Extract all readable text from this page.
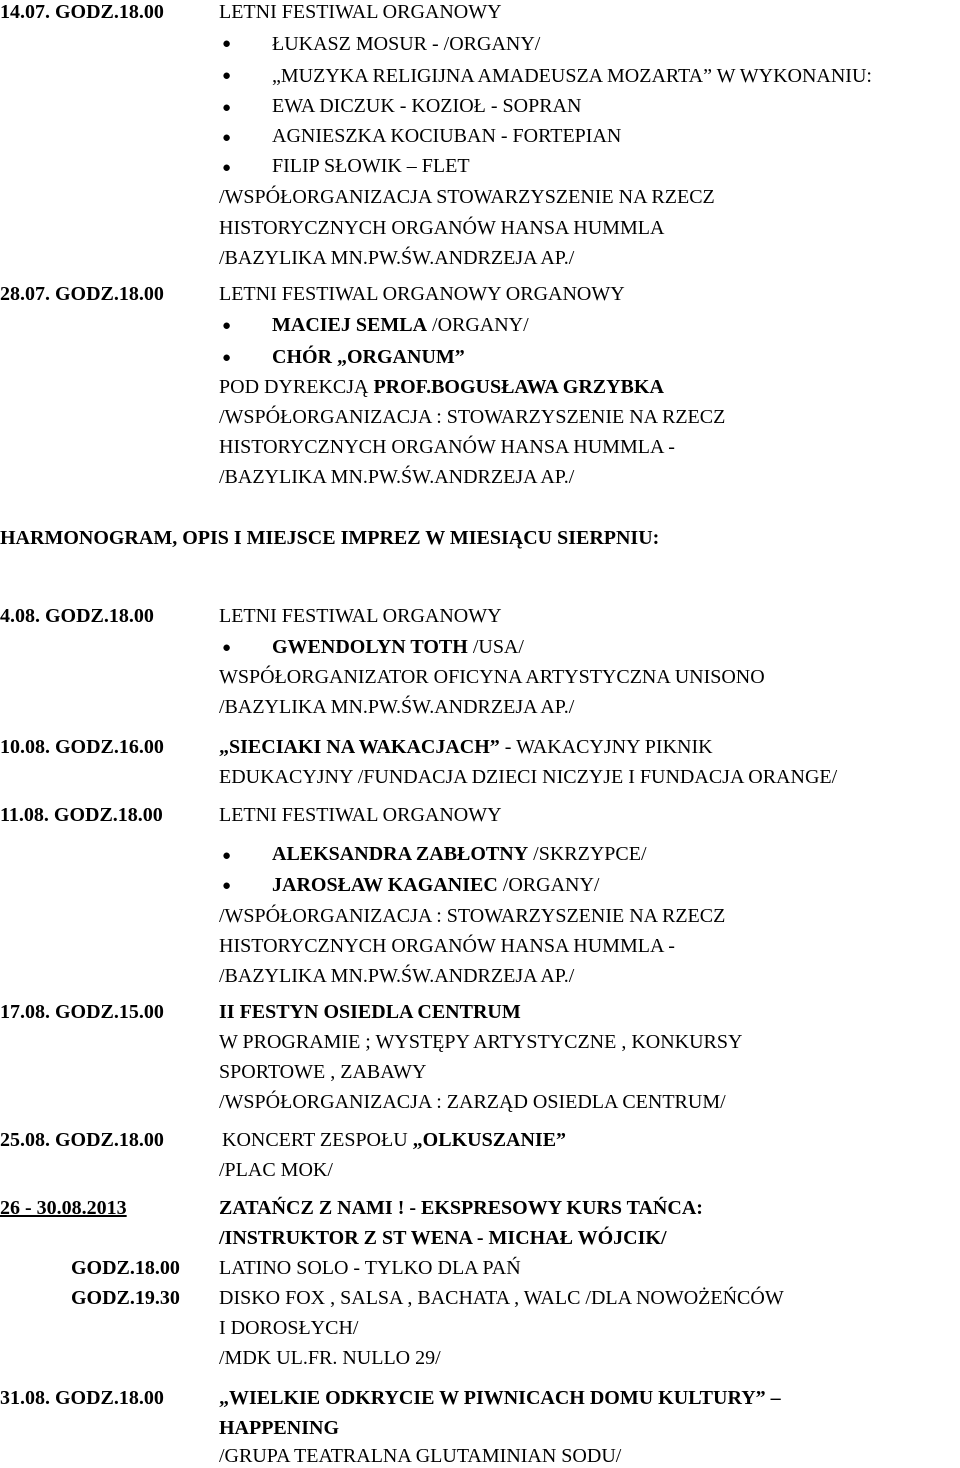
14.07. GODZ.18.00	LETNI FESTIWAL ORGANOWY
● ŁUKASZ MOSUR - /ORGANY/
● „MUZYKA RELIGIJNA AMADEUSZA MOZARTA” W WYKONANIU:
● EWA DICZUK - KOZIOŁ - SOPRAN
● AGNIESZKA KOCIUBAN - FORTEPIAN
● FILIP SŁOWIK – FLET
/WSPÓŁORGANIZACJA STOWARZYSZENIE NA RZECZ
HISTORYCZNYCH ORGANÓW HANSA HUMMLA
/BAZYLIKA MN.PW.ŚW.ANDRZEJA AP./
28.07. GODZ.18.00	LETNI FESTIWAL ORGANOWY ORGANOWY
● MACIEJ SEMLA /ORGANY/
● CHÓR „ORGANUM”
POD DYREKCJĄ PROF.BOGUSŁAWA GRZYBKA
/WSPÓŁORGANIZACJA : STOWARZYSZENIE NA RZECZ
HISTORYCZNYCH ORGANÓW HANSA HUMMLA -
/BAZYLIKA MN.PW.ŚW.ANDRZEJA AP./
HARMONOGRAM, OPIS I MIEJSCE IMPREZ W MIESIĄCU SIERPNIU:
4.08. GODZ.18.00	LETNI FESTIWAL ORGANOWY
● GWENDOLYN TOTH /USA/
WSPÓŁORGANIZATOR OFICYNA ARTYSTYCZNA UNISONO
/BAZYLIKA MN.PW.ŚW.ANDRZEJA AP./
10.08. GODZ.16.00	„SIECIAKI NA WAKACJACH” - WAKACYJNY PIKNIK
EDUKACYJNY /FUNDACJA DZIECI NICZYJE I FUNDACJA ORANGE/
11.08. GODZ.18.00	LETNI FESTIWAL ORGANOWY
● ALEKSANDRA ZABŁOTNY /SKRZYPCE/
● JAROSŁAW KAGANIEC /ORGANY/
/WSPÓŁORGANIZACJA : STOWARZYSZENIE NA RZECZ
HISTORYCZNYCH ORGANÓW HANSA HUMMLA -
/BAZYLIKA MN.PW.ŚW.ANDRZEJA AP./
17.08. GODZ.15.00	II FESTYN OSIEDLA CENTRUM
W PROGRAMIE ; WYSTĘPY ARTYSTYCZNE , KONKURSY
SPORTOWE , ZABAWY
/WSPÓŁORGANIZACJA : ZARZĄD OSIEDLA CENTRUM/
25.08. GODZ.18.00	KONCERT ZESPOŁU „OLKUSZANIE”
/PLAC MOK/
26 - 30.08.2013	ZATAŃCZ Z NAMI ! - EKSPRESOWY KURS TAŃCA:
/INSTRUKTOR Z ST WENA - MICHAŁ WÓJCIK/
GODZ.18.00 LATINO SOLO - TYLKO DLA PAŃ
GODZ.19.30 DISKO FOX , SALSA , BACHATA , WALC /DLA NOWOŻEŃCÓW
I DOROSŁYCH/
/MDK UL.FR. NULLO 29/
31.08. GODZ.18.00	„WIELKIE ODKRYCIE W PIWNICACH DOMU KULTURY” –
HAPPENING
/GRUPA TEATRALNA GLUTAMINIAN SODU/
